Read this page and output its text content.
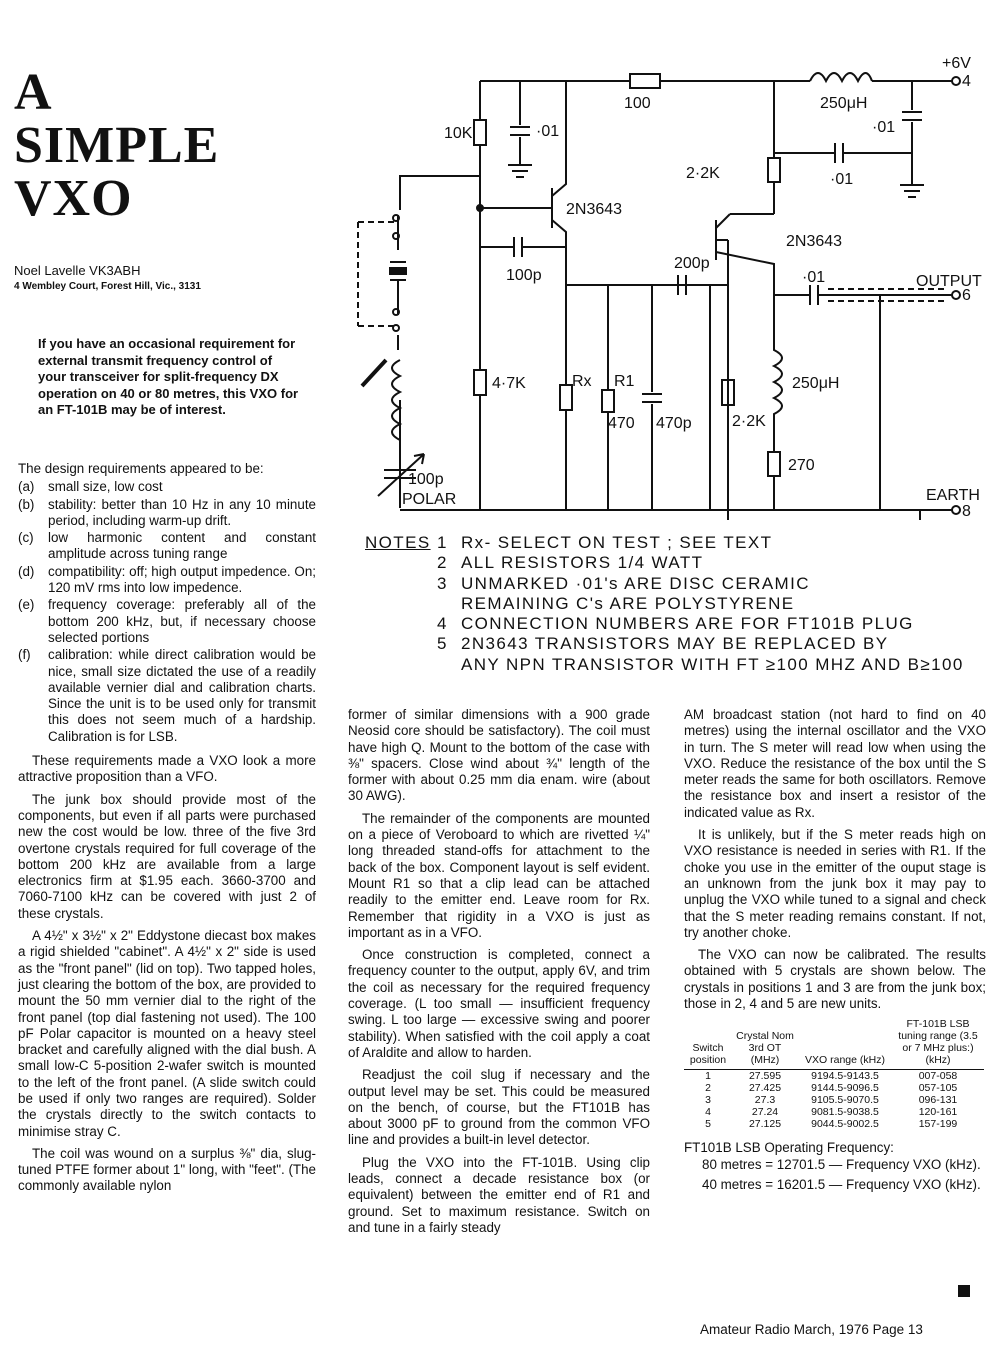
A
SIMPLE
VXO
Noel Lavelle VK3ABH
4 Wembley Court, Forest Hill, Vic., 3131
If you have an occasional requirement for external transmit frequency control of your transceiver for split-frequency DX operation on 40 or 80 metres, this VXO for an FT-101B may be of interest.
+6V
4
100	250μH
·01
·01
10K	·01
2·2K
2N3643
2N3643
100p
200p
·01	OUTPUT
6
4·7K	Rx R1
470 470p	2·2K
250μH
270
EARTH
8
100p
POLAR
NOTES 1 Rx- SELECT ON TEST ; SEE TEXT
2 ALL RESISTORS 1/4 WATT
3 UNMARKED ·01's ARE DISC CERAMIC
REMAINING C's ARE POLYSTYRENE
4 CONNECTION NUMBERS ARE FOR FT101B PLUG
5 2N3643 TRANSISTORS MAY BE REPLACED BY
ANY NPN TRANSISTOR WITH FT ≥100 MHZ AND B≥100

The design requirements appeared to be:

(a)	small size, low cost
(b)	stability: better than 10 Hz in any 10 minute period, including warm-up drift.
(c)	low harmonic content and constant amplitude across tuning range
(d)	compatibility: off; high output impedence. On; 120 mV rms into low impedence.
(e)	frequency coverage: preferably all of the bottom 200 kHz, but, if necessary choose selected portions
(f)	calibration: while direct calibration would be nice, small size dictated the use of a readily available vernier dial and calibration charts. Since the unit is to be used only for transmit this does not seem much of a hardship. Calibration is for LSB.

These requirements made a VXO look a more attractive proposition than a VFO.

The junk box should provide most of the components, but even if all parts were purchased new the cost would be low. three of the five 3rd overtone crystals required for full coverage of the bottom 200 kHz are available from a large electronics firm at $1.95 each. 3660-3700 and 7060-7100 kHz can be covered with just 2 of these crystals.

A 4½" x 3½" x 2" Eddystone diecast box makes a rigid shielded "cabinet". A 4½" x 2" side is used as the "front panel" (lid on top). Two tapped holes, just clearing the bottom of the box, are provided to mount the 50 mm vernier dial to the right of the front panel (top dial fastening not used). The 100 pF Polar capacitor is mounted on a heavy steel bracket and carefully aligned with the dial bush. A small low-C 5-position 2-wafer switch is mounted to the left of the front panel. (A slide switch could be used if only two ranges are required). Solder the crystals directly to the switch contacts to minimise stray C.

The coil was wound on a surplus ⅜" dia, slug-tuned PTFE former about 1" long, with "feet". (The commonly available nylon

former of similar dimensions with a 900 grade Neosid core should be satisfactory). The coil must have high Q. Mount to the bottom of the case with ⅜" spacers. Close wind about ¾" length of the former with about 0.25 mm dia enam. wire (about 30 AWG).

The remainder of the components are mounted on a piece of Veroboard to which are rivetted ¼" long threaded stand-offs for attachment to the back of the box. Component layout is self evident. Mount R1 so that a clip lead can be attached readily to the emitter end. Leave room for Rx. Remember that rigidity in a VXO is just as important as in a VFO.

Once construction is completed, connect a frequency counter to the output, apply 6V, and trim the coil as necessary for the required frequency coverage. (L too small — insufficient frequency swing. L too large — excessive swing and poorer stability). When satisfied with the coil apply a coat of Araldite and allow to harden.

Readjust the coil slug if necessary and the output level may be set. This could be measured on the bench, of course, but the FT101B has about 3000 pF to ground from the common VFO line and provides a built-in level detector.

Plug the VXO into the FT-101B. Using clip leads, connect a decade resistance box (or equivalent) between the emitter end of R1 and ground. Set to maximum resistance. Switch on and tune in a fairly steady

AM broadcast station (not hard to find on 40 metres) using the internal oscillator and the VXO in turn. The S meter will read low when using the VXO. Reduce the resistance of the box until the S meter reads the same for both oscillators. Remove the resistance box and insert a resistor of the indicated value as Rx.

It is unlikely, but if the S meter reads high on VXO resistance is needed in series with R1. If the choke you use in the emitter of the ouput stage is an unknown from the junk box it may pay to unplug the VXO while tuned to a signal and check that the S meter reading remains constant. If not, try another choke.

The VXO can now be calibrated. The results obtained with 5 crystals are shown below. The crystals in positions 1 and 3 are from the junk box; those in 2, 4 and 5 are new units.

Switch position	Crystal Nom 3rd OT (MHz)	VXO range (kHz)	FT-101B LSB tuning range (3.5 or 7 MHz plus:) (kHz)
1	27.595	9194.5-9143.5	007-058
2	27.425	9144.5-9096.5	057-105
3	27.3	9105.5-9070.5	096-131
4	27.24	9081.5-9038.5	120-161
5	27.125	9044.5-9002.5	157-199
FT101B LSB Operating Frequency:
80 metres = 12701.5 — Frequency VXO (kHz).
40 metres = 16201.5 — Frequency VXO (kHz).
Amateur Radio March, 1976 Page 13
